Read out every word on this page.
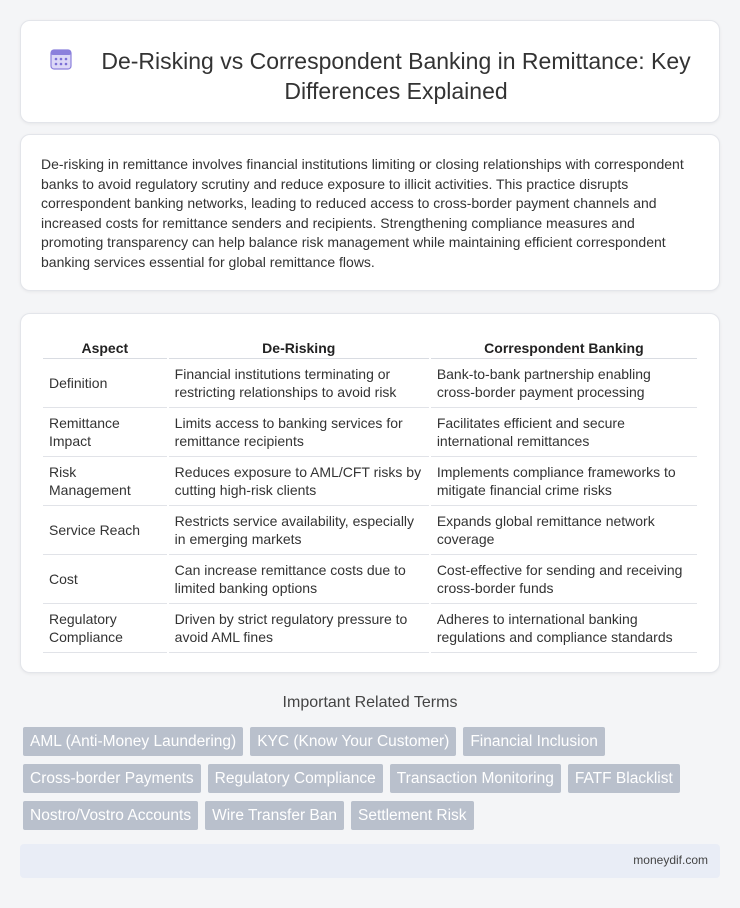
De-Risking vs Correspondent Banking in Remittance: Key Differences Explained

De-risking in remittance involves financial institutions limiting or closing relationships with correspondent banks to avoid regulatory scrutiny and reduce exposure to illicit activities. This practice disrupts correspondent banking networks, leading to reduced access to cross-border payment channels and increased costs for remittance senders and recipients. Strengthening compliance measures and promoting transparency can help balance risk management while maintaining efficient correspondent banking services essential for global remittance flows.

Aspect	De-Risking	Correspondent Banking
Definition	Financial institutions terminating or restricting relationships to avoid risk	Bank-to-bank partnership enabling cross-border payment processing
Remittance Impact	Limits access to banking services for remittance recipients	Facilitates efficient and secure international remittances
Risk Management	Reduces exposure to AML/CFT risks by cutting high-risk clients	Implements compliance frameworks to mitigate financial crime risks
Service Reach	Restricts service availability, especially in emerging markets	Expands global remittance network coverage
Cost	Can increase remittance costs due to limited banking options	Cost-effective for sending and receiving cross-border funds
Regulatory Compliance	Driven by strict regulatory pressure to avoid AML fines	Adheres to international banking regulations and compliance standards
Important Related Terms
AML (Anti-Money Laundering)	KYC (Know Your Customer)	Financial Inclusion
Cross-border Payments	Regulatory Compliance	Transaction Monitoring	FATF Blacklist
Nostro/Vostro Accounts	Wire Transfer Ban	Settlement Risk
moneydif.com
